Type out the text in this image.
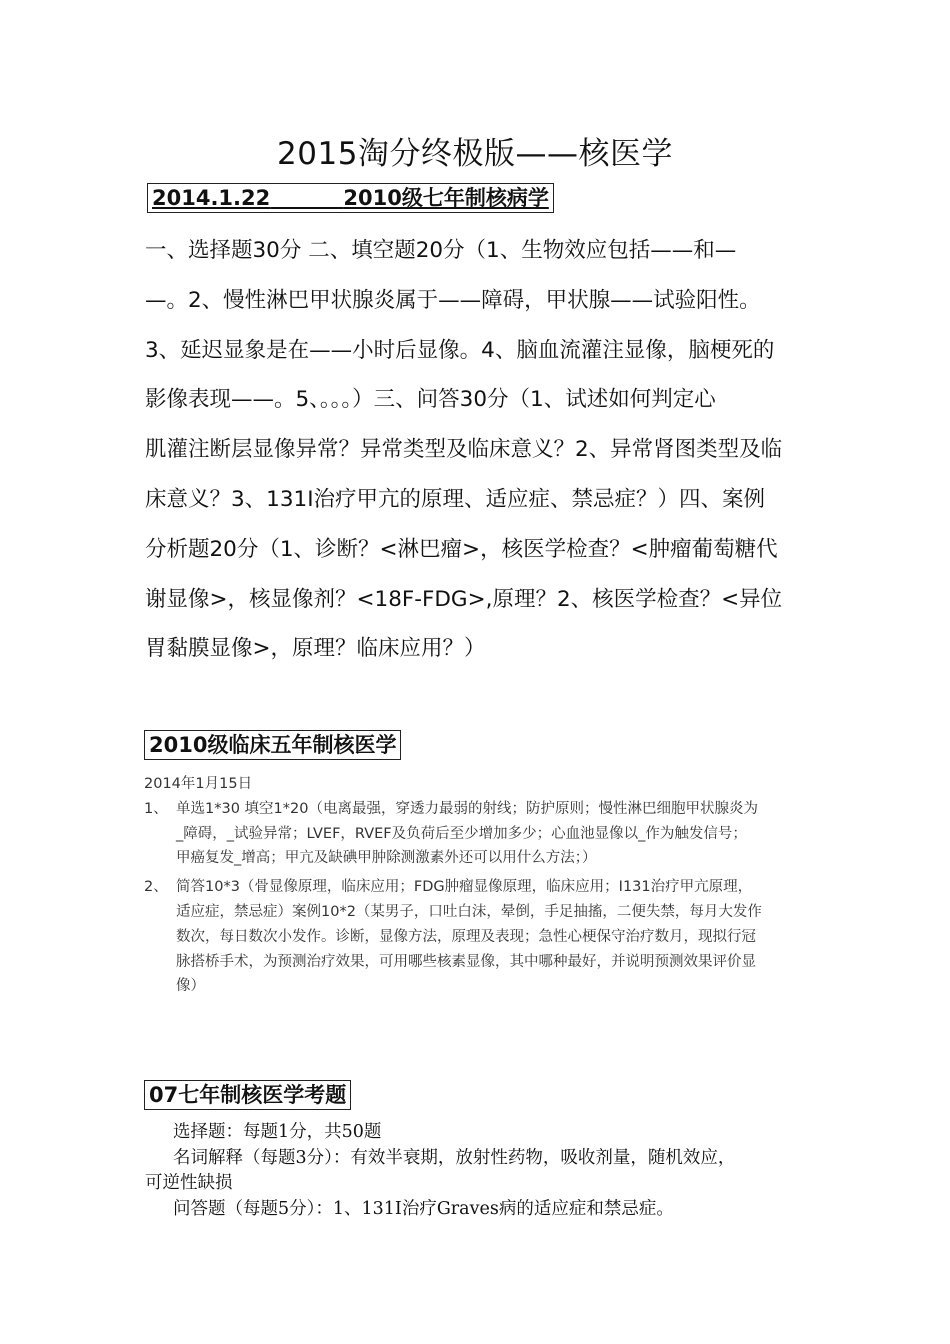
2015淘分终极版——核医学
2014.1.22	2010级七年制核病学

一、选择题30分 二、填空题20分（1、生物效应包括——和—

—。2、慢性淋巴甲状腺炎属于——障碍，甲状腺——试验阳性。

3、延迟显象是在——小时后显像。4、脑血流灌注显像，脑梗死的

影像表现——。5、。。。）三、问答30分（1、试述如何判定心

肌灌注断层显像异常？异常类型及临床意义？2、异常肾图类型及临

床意义？3、131I治疗甲亢的原理、适应症、禁忌症？）四、案例

分析题20分（1、诊断？<淋巴瘤>，核医学检查？<肿瘤葡萄糖代

谢显像>，核显像剂？<18F-FDG>,原理？2、核医学检查？<异位

胃黏膜显像>，原理？临床应用？）

2010级临床五年制核医学

2014年1月15日

1、 单选1*30 填空1*20（电离最强，穿透力最弱的射线；防护原则；慢性淋巴细胞甲状腺炎为

_障碍，_试验异常；LVEF，RVEF及负荷后至少增加多少；心血池显像以_作为触发信号；

甲癌复发_增高；甲亢及缺碘甲肿除测激素外还可以用什么方法；）

2、 简答10*3（骨显像原理，临床应用；FDG肿瘤显像原理，临床应用；I131治疗甲亢原理，

适应症，禁忌症）案例10*2（某男子，口吐白沫，晕倒，手足抽搐，二便失禁，每月大发作

数次，每日数次小发作。诊断，显像方法，原理及表现；急性心梗保守治疗数月，现拟行冠

脉搭桥手术，为预测治疗效果，可用哪些核素显像，其中哪种最好，并说明预测效果评价显

像）

07七年制核医学考题

选择题：每题1分，共50题

名词解释（每题3分）：有效半衰期，放射性药物，吸收剂量，随机效应，

可逆性缺损

问答题（每题5分）：1、131I治疗Graves病的适应症和禁忌症。
